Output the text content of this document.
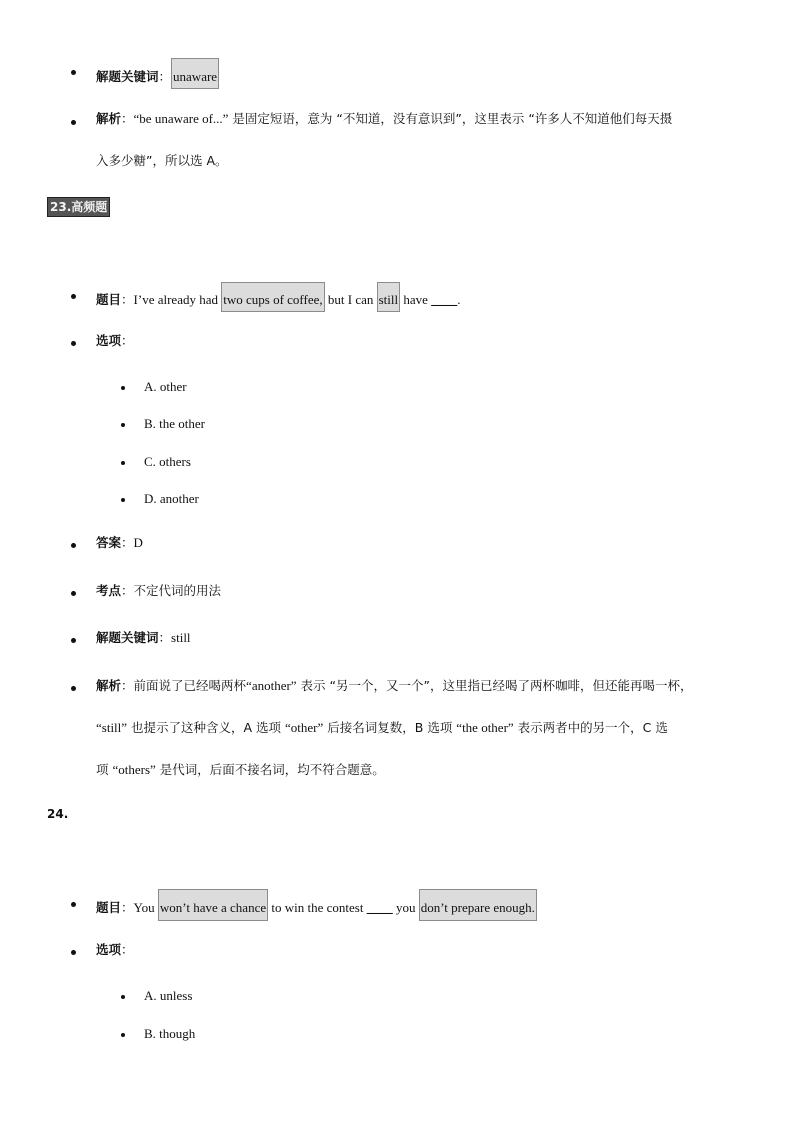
解题关键词： unaware
解析：“be unaware of...” 是固定短语，意为 “不知道，没有意识到”，这里表示 “许多人不知道他们每天摄
入多少糖”，所以选 A。
23.高频题
题目：I’ve already had two cups of coffee, but I can still have ____.
选项：
A. other
B. the other
C. others
D. another
答案：D
考点：不定代词的用法
解题关键词：still
解析：前面说了已经喝两杯“another” 表示 “另一个，又一个”，这里指已经喝了两杯咖啡，但还能再喝一杯，
“still” 也提示了这种含义，A 选项 “other” 后接名词复数，B 选项 “the other” 表示两者中的另一个，C 选
项 “others” 是代词，后面不接名词，均不符合题意。
24.
题目：You won’t have a chance to win the contest ____ you don’t prepare enough.
选项：
A. unless
B. though
